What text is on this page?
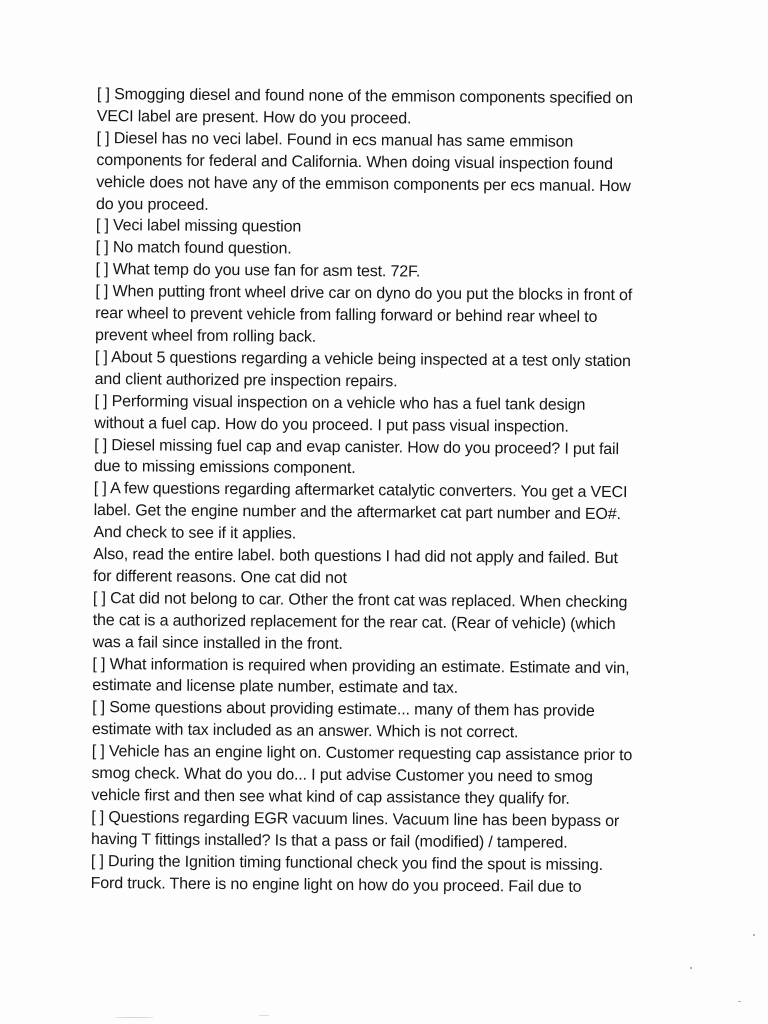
[ ] Smogging diesel and found none of the emmison components specified on
VECI label are present. How do you proceed.

[ ] Diesel has no veci label. Found in ecs manual has same emmison
components for federal and California. When doing visual inspection found
vehicle does not have any of the emmison components per ecs manual. How
do you proceed.

[ ] Veci label missing question

[ ] No match found question.

[ ] What temp do you use fan for asm test. 72F.

[ ] When putting front wheel drive car on dyno do you put the blocks in front of
rear wheel to prevent vehicle from falling forward or behind rear wheel to
prevent wheel from rolling back.

[ ] About 5 questions regarding a vehicle being inspected at a test only station
and client authorized pre inspection repairs.

[ ] Performing visual inspection on a vehicle who has a fuel tank design
without a fuel cap. How do you proceed. I put pass visual inspection.

[ ] Diesel missing fuel cap and evap canister. How do you proceed? I put fail
due to missing emissions component.

[ ] A few questions regarding aftermarket catalytic converters. You get a VECI
label. Get the engine number and the aftermarket cat part number and EO#.
And check to see if it applies.

Also, read the entire label. both questions I had did not apply and failed. But
for different reasons. One cat did not

[ ] Cat did not belong to car. Other the front cat was replaced. When checking
the cat is a authorized replacement for the rear cat. (Rear of vehicle) (which
was a fail since installed in the front.

[ ] What information is required when providing an estimate. Estimate and vin,
estimate and license plate number, estimate and tax.

[ ] Some questions about providing estimate... many of them has provide
estimate with tax included as an answer. Which is not correct.

[ ] Vehicle has an engine light on. Customer requesting cap assistance prior to
smog check. What do you do... I put advise Customer you need to smog
vehicle first and then see what kind of cap assistance they qualify for.

[ ] Questions regarding EGR vacuum lines. Vacuum line has been bypass or
having T fittings installed? Is that a pass or fail (modified) / tampered.

[ ] During the Ignition timing functional check you find the spout is missing.
Ford truck. There is no engine light on how do you proceed. Fail due to
